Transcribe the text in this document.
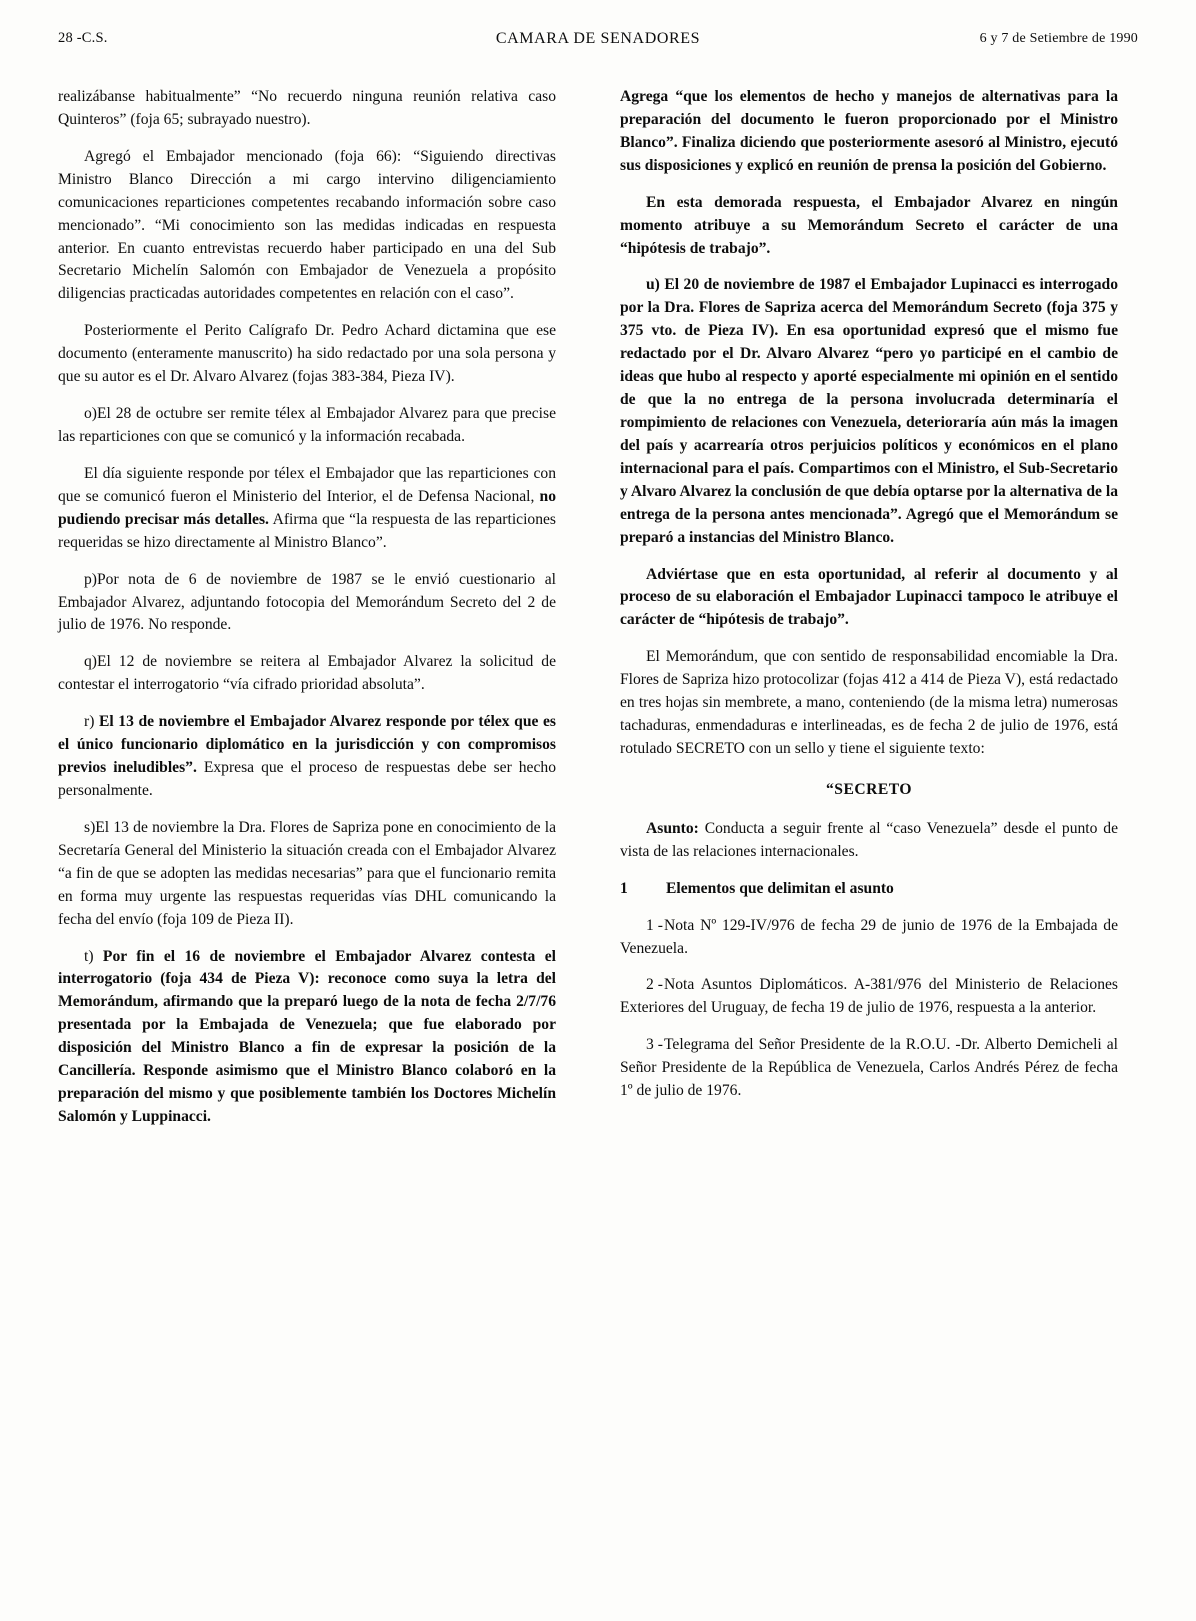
28 -C.S.	CAMARA DE SENADORES	6 y 7 de Setiembre de 1990

realizábanse habitualmente” “No recuerdo ninguna reunión relativa caso Quinteros” (foja 65; subrayado nuestro).

Agregó el Embajador mencionado (foja 66): “Siguiendo directivas Ministro Blanco Dirección a mi cargo intervino diligenciamiento comunicaciones reparticiones competentes recabando información sobre caso mencionado”. “Mi conocimiento son las medidas indicadas en respuesta anterior. En cuanto entrevistas recuerdo haber participado en una del Sub Secretario Michelín Salomón con Embajador de Venezuela a propósito diligencias practicadas autoridades competentes en relación con el caso”.

Posteriormente el Perito Calígrafo Dr. Pedro Achard dictamina que ese documento (enteramente manuscrito) ha sido redactado por una sola persona y que su autor es el Dr. Alvaro Alvarez (fojas 383-384, Pieza IV).

o)El 28 de octubre ser remite télex al Embajador Alvarez para que precise las reparticiones con que se comunicó y la información recabada.

El día siguiente responde por télex el Embajador que las reparticiones con que se comunicó fueron el Ministerio del Interior, el de Defensa Nacional, no pudiendo precisar más detalles. Afirma que “la respuesta de las reparticiones requeridas se hizo directamente al Ministro Blanco”.

p)Por nota de 6 de noviembre de 1987 se le envió cuestionario al Embajador Alvarez, adjuntando fotocopia del Memorándum Secreto del 2 de julio de 1976. No responde.

q)El 12 de noviembre se reitera al Embajador Alvarez la solicitud de contestar el interrogatorio “vía cifrado prioridad absoluta”.

r) El 13 de noviembre el Embajador Alvarez responde por télex que es el único funcionario diplomático en la jurisdicción y con compromisos previos ineludibles”. Expresa que el proceso de respuestas debe ser hecho personalmente.

s)El 13 de noviembre la Dra. Flores de Sapriza pone en conocimiento de la Secretaría General del Ministerio la situación creada con el Embajador Alvarez “a fin de que se adopten las medidas necesarias” para que el funcionario remita en forma muy urgente las respuestas requeridas vías DHL comunicando la fecha del envío (foja 109 de Pieza II).

t) Por fin el 16 de noviembre el Embajador Alvarez contesta el interrogatorio (foja 434 de Pieza V): reconoce como suya la letra del Memorándum, afirmando que la preparó luego de la nota de fecha 2/7/76 presentada por la Embajada de Venezuela; que fue elaborado por disposición del Ministro Blanco a fin de expresar la posición de la Cancillería. Responde asimismo que el Ministro Blanco colaboró en la preparación del mismo y que posiblemente también los Doctores Michelín Salomón y Luppinacci.

Agrega “que los elementos de hecho y manejos de alternativas para la preparación del documento le fueron proporcionado por el Ministro Blanco”. Finaliza diciendo que posteriormente asesoró al Ministro, ejecutó sus disposiciones y explicó en reunión de prensa la posición del Gobierno.

En esta demorada respuesta, el Embajador Alvarez en ningún momento atribuye a su Memorándum Secreto el carácter de una “hipótesis de trabajo”.

u) El 20 de noviembre de 1987 el Embajador Lupinacci es interrogado por la Dra. Flores de Sapriza acerca del Memorándum Secreto (foja 375 y 375 vto. de Pieza IV). En esa oportunidad expresó que el mismo fue redactado por el Dr. Alvaro Alvarez “pero yo participé en el cambio de ideas que hubo al respecto y aporté especialmente mi opinión en el sentido de que la no entrega de la persona involucrada determinaría el rompimiento de relaciones con Venezuela, deterioraría aún más la imagen del país y acarrearía otros perjuicios políticos y económicos en el plano internacional para el país. Compartimos con el Ministro, el Sub-Secretario y Alvaro Alvarez la conclusión de que debía optarse por la alternativa de la entrega de la persona antes mencionada”. Agregó que el Memorándum se preparó a instancias del Ministro Blanco.

Adviértase que en esta oportunidad, al referir al documento y al proceso de su elaboración el Embajador Lupinacci tampoco le atribuye el carácter de “hipótesis de trabajo”.

El Memorándum, que con sentido de responsabilidad encomiable la Dra. Flores de Sapriza hizo protocolizar (fojas 412 a 414 de Pieza V), está redactado en tres hojas sin membrete, a mano, conteniendo (de la misma letra) numerosas tachaduras, enmendaduras e interlineadas, es de fecha 2 de julio de 1976, está rotulado SECRETO con un sello y tiene el siguiente texto:

“SECRETO

Asunto: Conducta a seguir frente al “caso Venezuela” desde el punto de vista de las relaciones internacionales.

1 Elementos que delimitan el asunto

1 -Nota Nº 129-IV/976 de fecha 29 de junio de 1976 de la Embajada de Venezuela.

2 -Nota Asuntos Diplomáticos. A-381/976 del Ministerio de Relaciones Exteriores del Uruguay, de fecha 19 de julio de 1976, respuesta a la anterior.

3 -Telegrama del Señor Presidente de la R.O.U. -Dr. Alberto Demicheli al Señor Presidente de la República de Venezuela, Carlos Andrés Pérez de fecha 1º de julio de 1976.
